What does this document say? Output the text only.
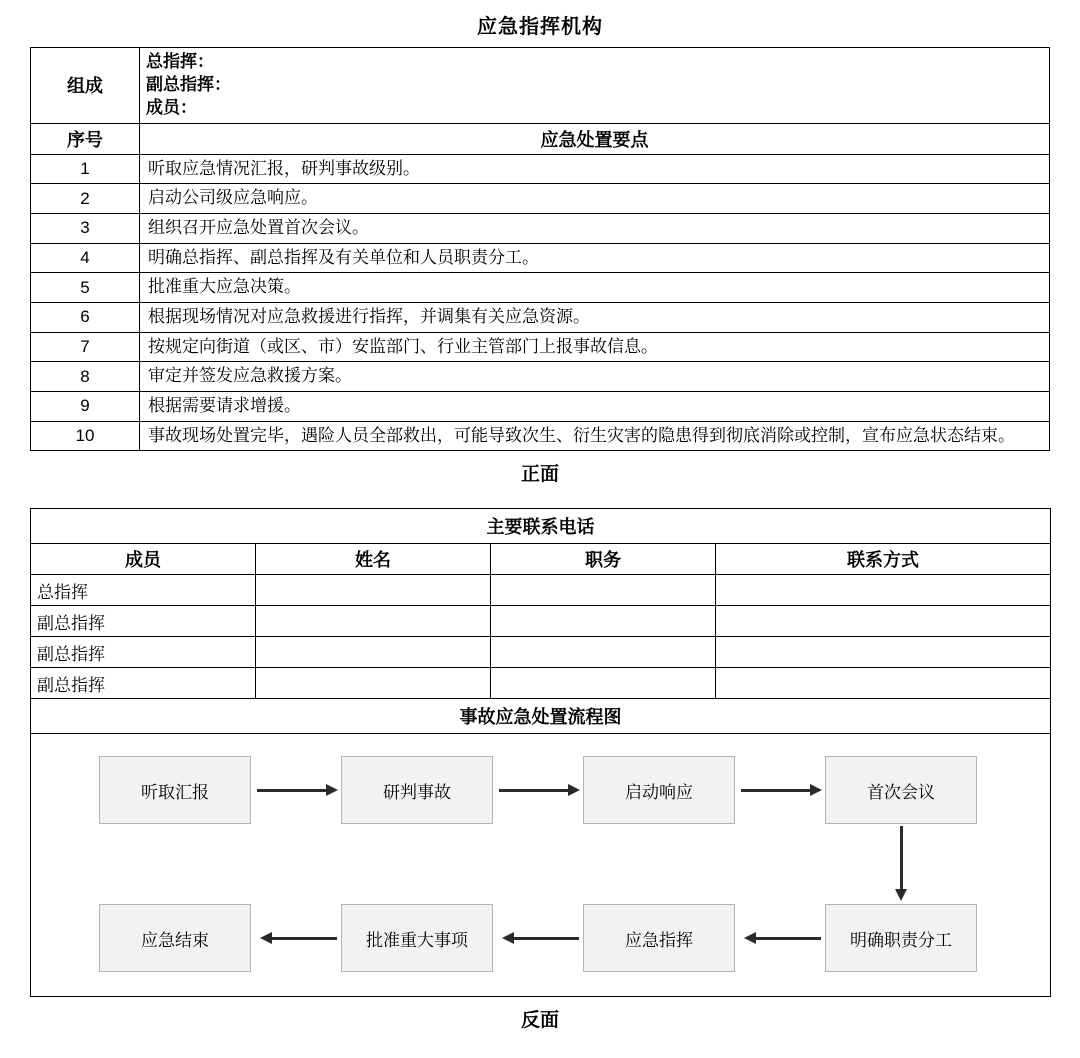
应急指挥机构
组成	总指挥：
副总指挥：
成员：

序号	应急处置要点
1	听取应急情况汇报，研判事故级别。
2	启动公司级应急响应。
3	组织召开应急处置首次会议。
4	明确总指挥、副总指挥及有关单位和人员职责分工。
5	批准重大应急决策。
6	根据现场情况对应急救援进行指挥，并调集有关应急资源。
7	按规定向街道（或区、市）安监部门、行业主管部门上报事故信息。
8	审定并签发应急救援方案。
9	根据需要请求增援。
10	事故现场处置完毕，遇险人员全部救出，可能导致次生、衍生灾害的隐患得到彻底消除或控制，宣布应急状态结束。
正面
主要联系电话			
成员	姓名	职务	联系方式
总指挥			
副总指挥			
副总指挥			
副总指挥			
事故应急处置流程图			

听取汇报	研判事故	启动响应	首次会议
明确职责分工
应急指挥
批准重大事项
应急结束
反面
